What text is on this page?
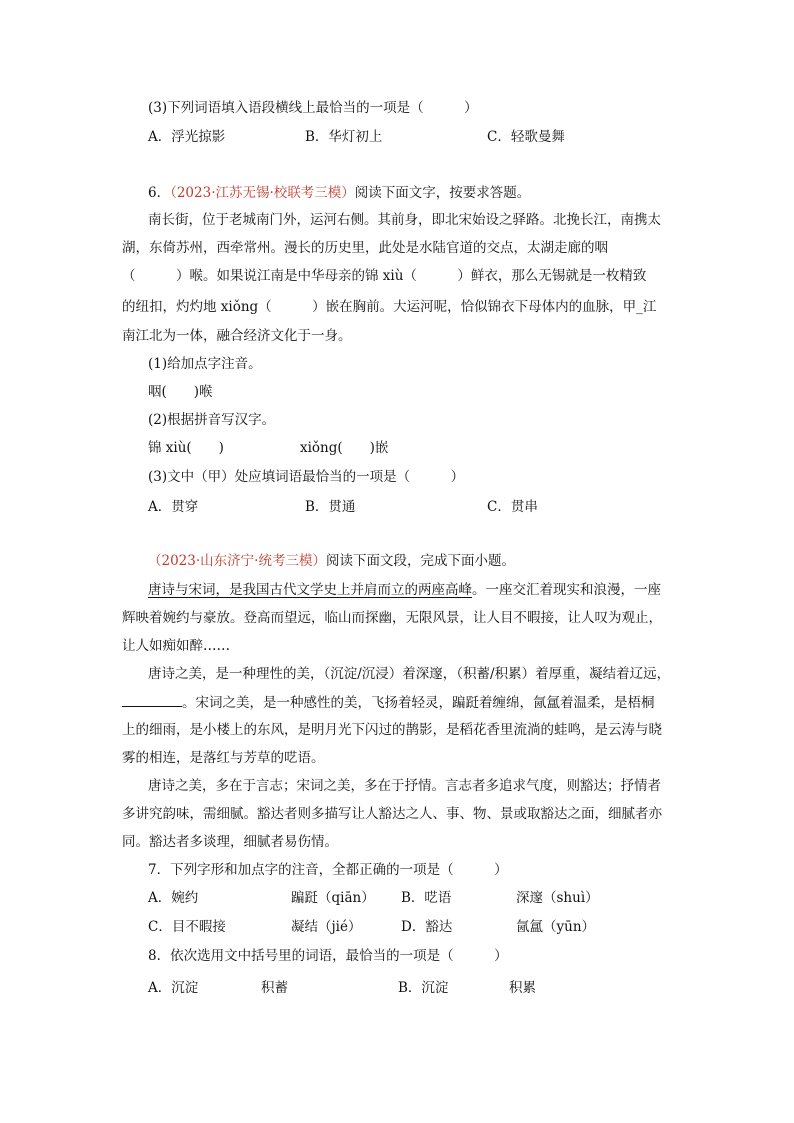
(3)下列词语填入语段横线上最恰当的一项是（　　　）
A．浮光掠影	B．华灯初上	C．轻歌曼舞
6．（2023·江苏无锡·校联考三模）阅读下面文字，按要求答题。
南长街，位于老城南门外，运河右侧。其前身，即北宋始设之驿路。北挽长江，南携太
湖，东倚苏州，西牵常州。漫长的历史里，此处是水陆官道的交点，太湖走廊的咽
（　　　）喉。如果说江南是中华母亲的锦 xiù（　　　）鲜衣，那么无锡就是一枚精致
的纽扣，灼灼地 xiǒng（　　　）嵌在胸前。大运河呢，恰似锦衣下母体内的血脉，甲_江
南江北为一体，融合经济文化于一身。
(1)给加点字注音。
咽(　　)喉
(2)根据拼音写汉字。
锦 xiù(　　)	xiǒng(　　)嵌
(3)文中（甲）处应填词语最恰当的一项是（　　　）
A．贯穿	B．贯通	C．贯串
（2023·山东济宁·统考三模）阅读下面文段，完成下面小题。
唐诗与宋词，是我国古代文学史上并肩而立的两座高峰。一座交汇着现实和浪漫，一座
辉映着婉约与豪放。登高而望远，临山而探幽，无限风景，让人目不暇接，让人叹为观止，
让人如痴如醉……
唐诗之美，是一种理性的美，（沉淀/沉浸）着深邃，（积蓄/积累）着厚重，凝结着辽远，
。宋词之美，是一种感性的美，飞扬着轻灵，蹁跹着缠绵，氤氲着温柔，是梧桐
上的细雨，是小楼上的东风，是明月光下闪过的鹊影，是稻花香里流淌的蛙鸣，是云涛与晓
雾的相连，是落红与芳草的呓语。
唐诗之美，多在于言志；宋词之美，多在于抒情。言志者多追求气度，则豁达；抒情者
多讲究韵味，需细腻。豁达者则多描写让人豁达之人、事、物、景或取豁达之面，细腻者亦
同。豁达者多谈理，细腻者易伤情。
7．下列字形和加点字的注音，全都正确的一项是（　　　）
A．婉约	蹁跹（qiān） B．呓语	深邃（shuì）
C．目不暇接	凝结（jié）	D．豁达	氤氲（yūn）
8．依次选用文中括号里的词语，最恰当的一项是（　　　）
A．沉淀	积蓄	B．沉淀	积累
